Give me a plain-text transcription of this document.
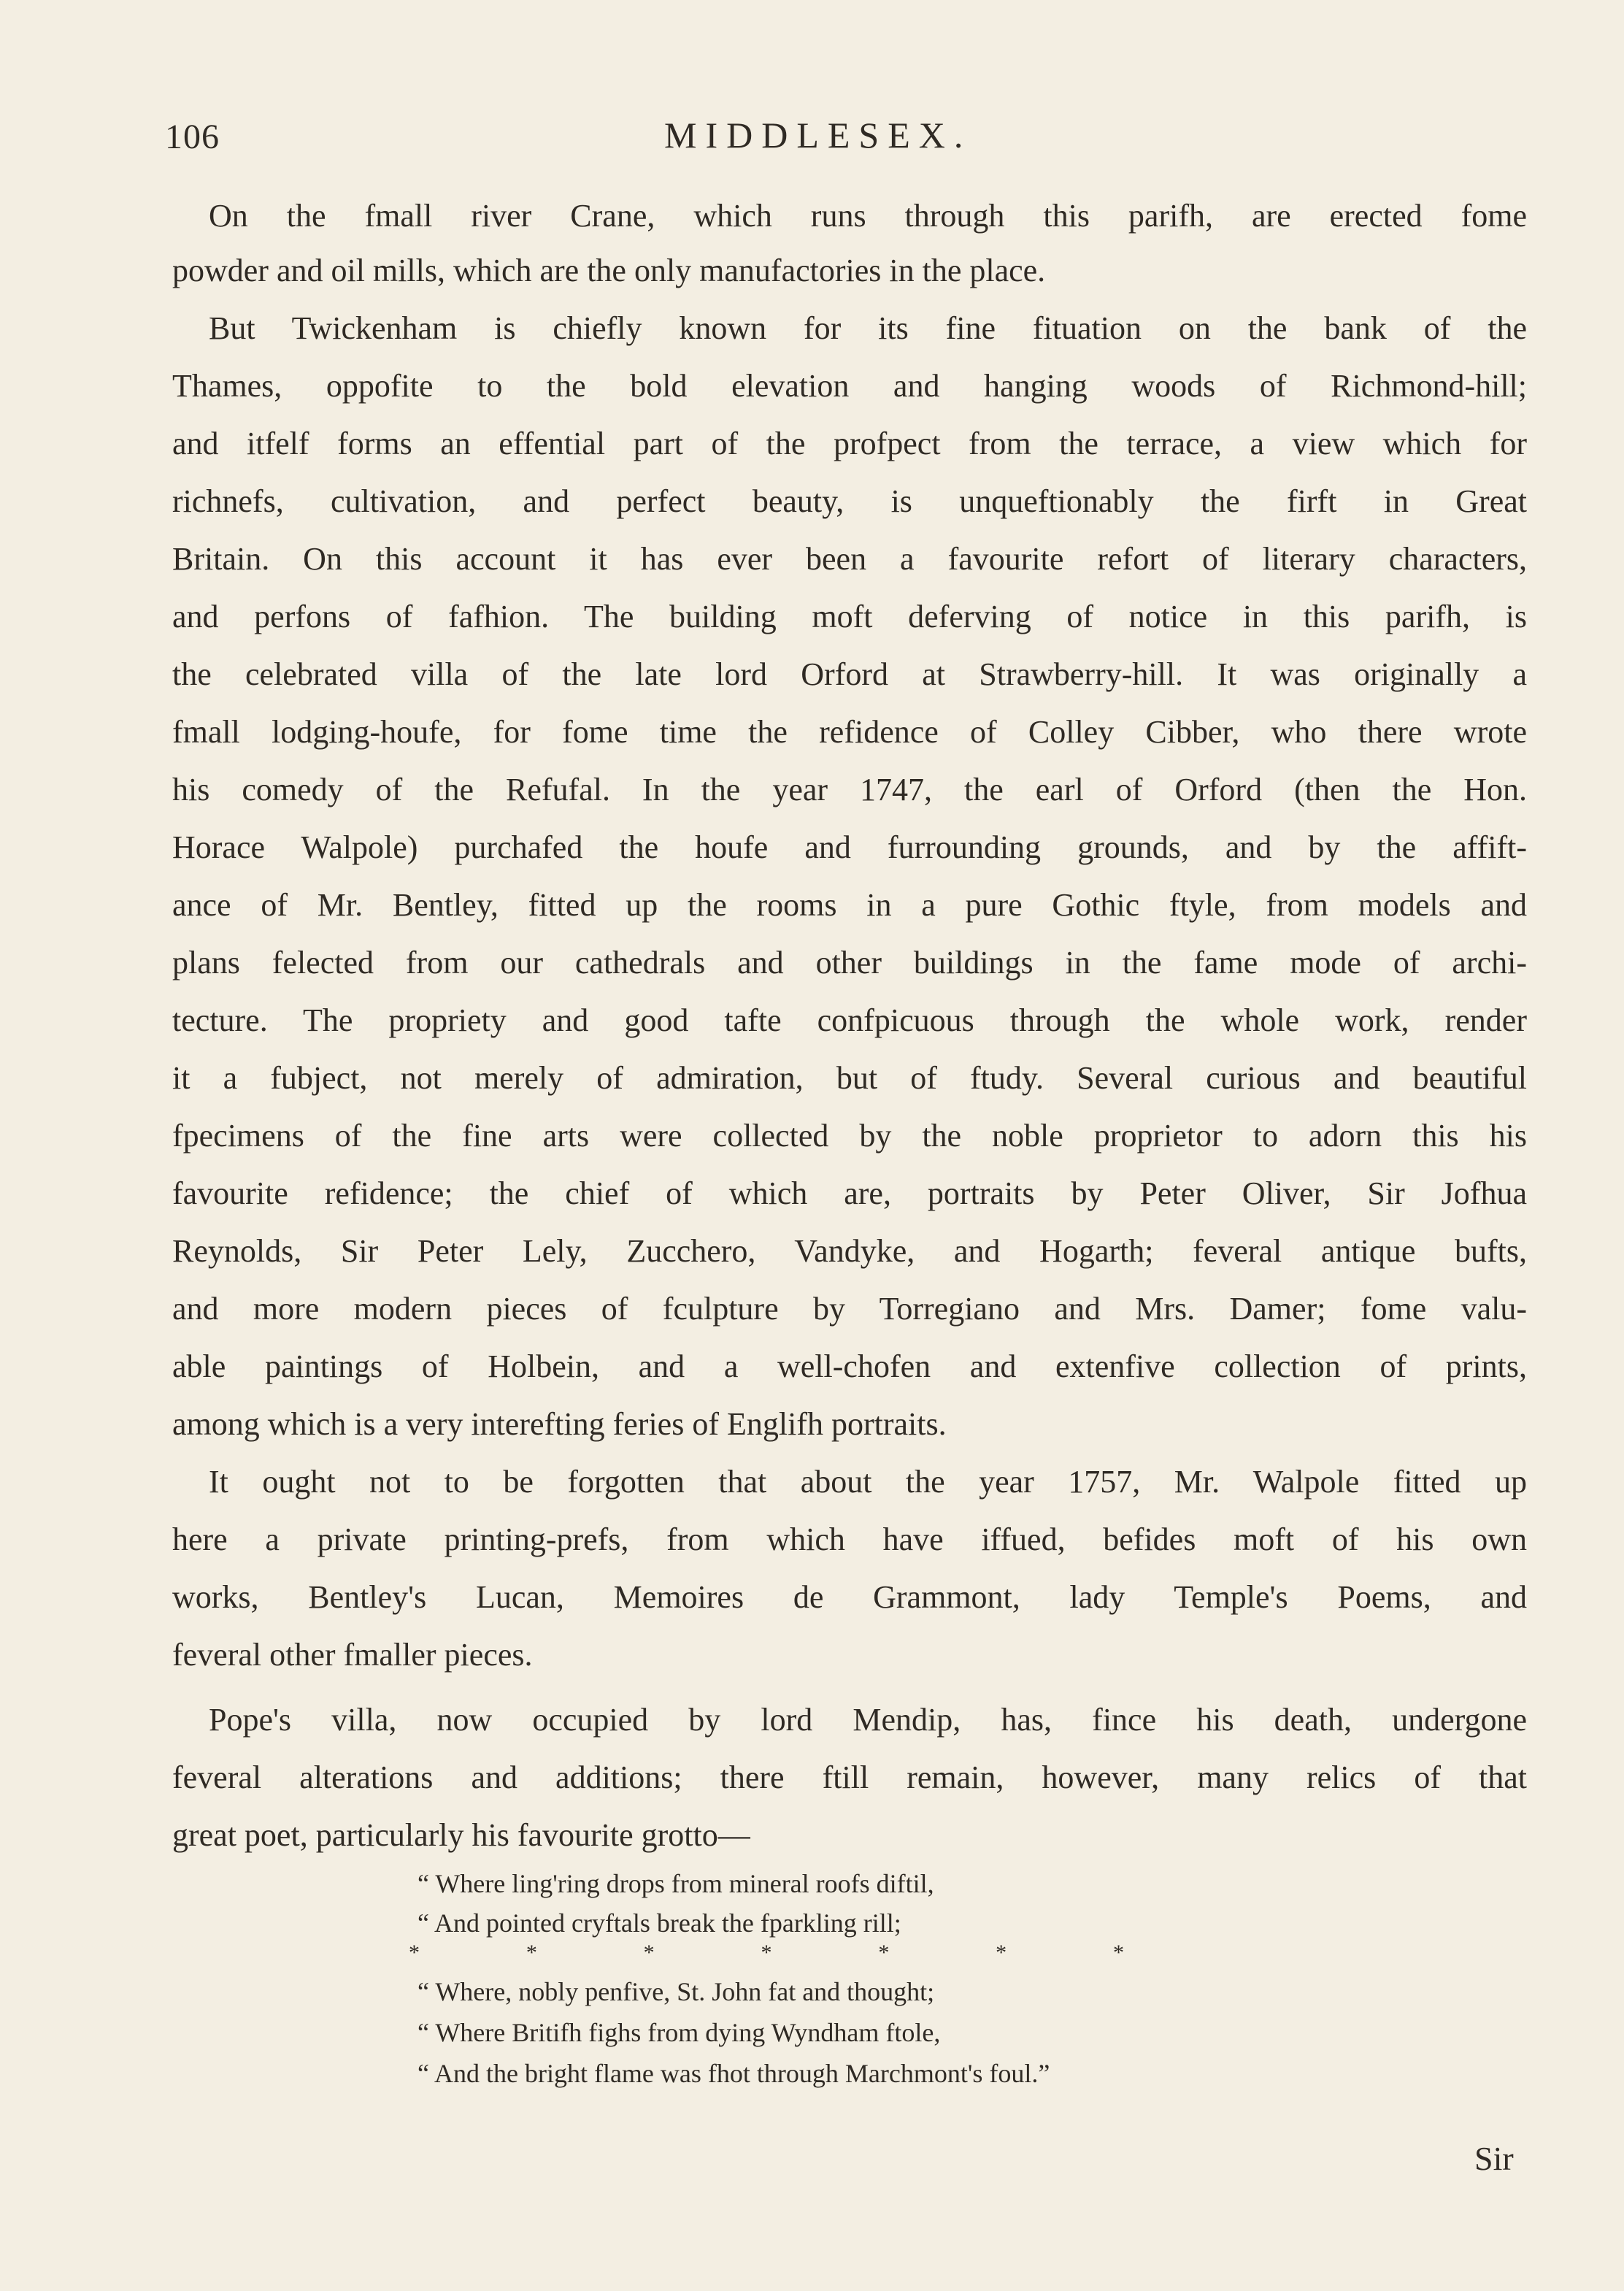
106	MIDDLESEX.
On the fmall river Crane, which runs through this parifh, are erected fome
powder and oil mills, which are the only manufactories in the place.
But Twickenham is chiefly known for its fine fituation on the bank of the
Thames, oppofite to the bold elevation and hanging woods of Richmond-hill;
and itfelf forms an effential part of the profpect from the terrace, a view which for
richnefs, cultivation, and perfect beauty, is unqueftionably the firft in Great
Britain. On this account it has ever been a favourite refort of literary characters,
and perfons of fafhion. The building moft deferving of notice in this parifh, is
the celebrated villa of the late lord Orford at Strawberry-hill. It was originally a
fmall lodging-houfe, for fome time the refidence of Colley Cibber, who there wrote
his comedy of the Refufal. In the year 1747, the earl of Orford (then the Hon.
Horace Walpole) purchafed the houfe and furrounding grounds, and by the affift-
ance of Mr. Bentley, fitted up the rooms in a pure Gothic ftyle, from models and
plans felected from our cathedrals and other buildings in the fame mode of archi-
tecture. The propriety and good tafte confpicuous through the whole work, render
it a fubject, not merely of admiration, but of ftudy. Several curious and beautiful
fpecimens of the fine arts were collected by the noble proprietor to adorn this his
favourite refidence; the chief of which are, portraits by Peter Oliver, Sir Jofhua
Reynolds, Sir Peter Lely, Zucchero, Vandyke, and Hogarth; feveral antique bufts,
and more modern pieces of fculpture by Torregiano and Mrs. Damer; fome valu-
able paintings of Holbein, and a well-chofen and extenfive collection of prints,
among which is a very interefting feries of Englifh portraits.
It ought not to be forgotten that about the year 1757, Mr. Walpole fitted up
here a private printing-prefs, from which have iffued, befides moft of his own
works, Bentley's Lucan, Memoires de Grammont, lady Temple's Poems, and
feveral other fmaller pieces.
Pope's villa, now occupied by lord Mendip, has, fince his death, undergone
feveral alterations and additions; there ftill remain, however, many relics of that
great poet, particularly his favourite grotto—
“ Where ling'ring drops from mineral roofs diftil,
“ And pointed cryftals break the fparkling rill;
*	*	*	*	*	*	*
“ Where, nobly penfive, St. John fat and thought;
“ Where Britifh fighs from dying Wyndham ftole,
“ And the bright flame was fhot through Marchmont's foul.”
Sir
